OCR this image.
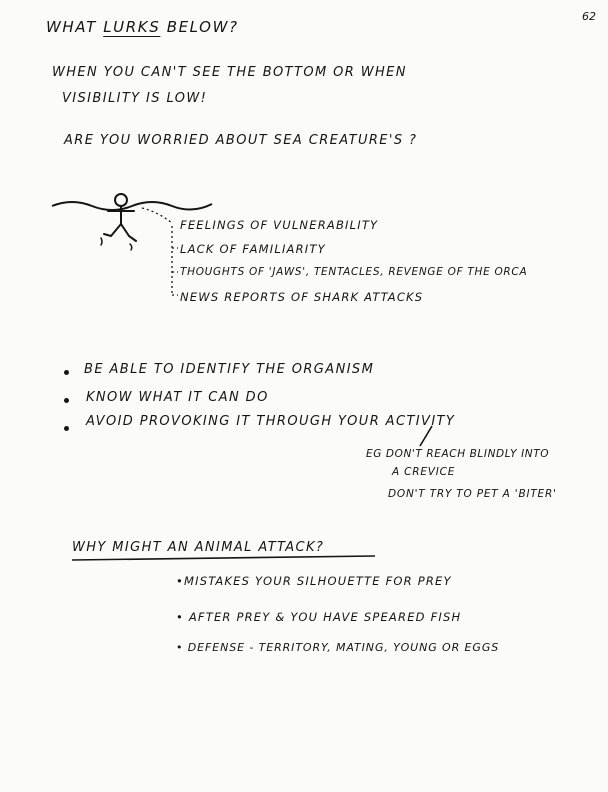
62
WHAT LURKS BELOW?
WHEN YOU CAN'T SEE THE BOTTOM OR WHEN
VISIBILITY IS LOW!
ARE YOU WORRIED ABOUT SEA CREATURE'S ?
FEELINGS OF VULNERABILITY
LACK OF FAMILIARITY
THOUGHTS OF 'JAWS', TENTACLES, REVENGE OF THE ORCA
NEWS REPORTS OF SHARK ATTACKS
BE ABLE TO IDENTIFY THE ORGANISM
KNOW WHAT IT CAN DO
AVOID PROVOKING IT THROUGH YOUR ACTIVITY
EG DON'T REACH BLINDLY INTO
A CREVICE
DON'T TRY TO PET A 'BITER'
WHY MIGHT AN ANIMAL ATTACK?
•MISTAKES YOUR SILHOUETTE FOR PREY
• AFTER PREY & YOU HAVE SPEARED FISH
• DEFENSE - TERRITORY, MATING, YOUNG OR EGGS
